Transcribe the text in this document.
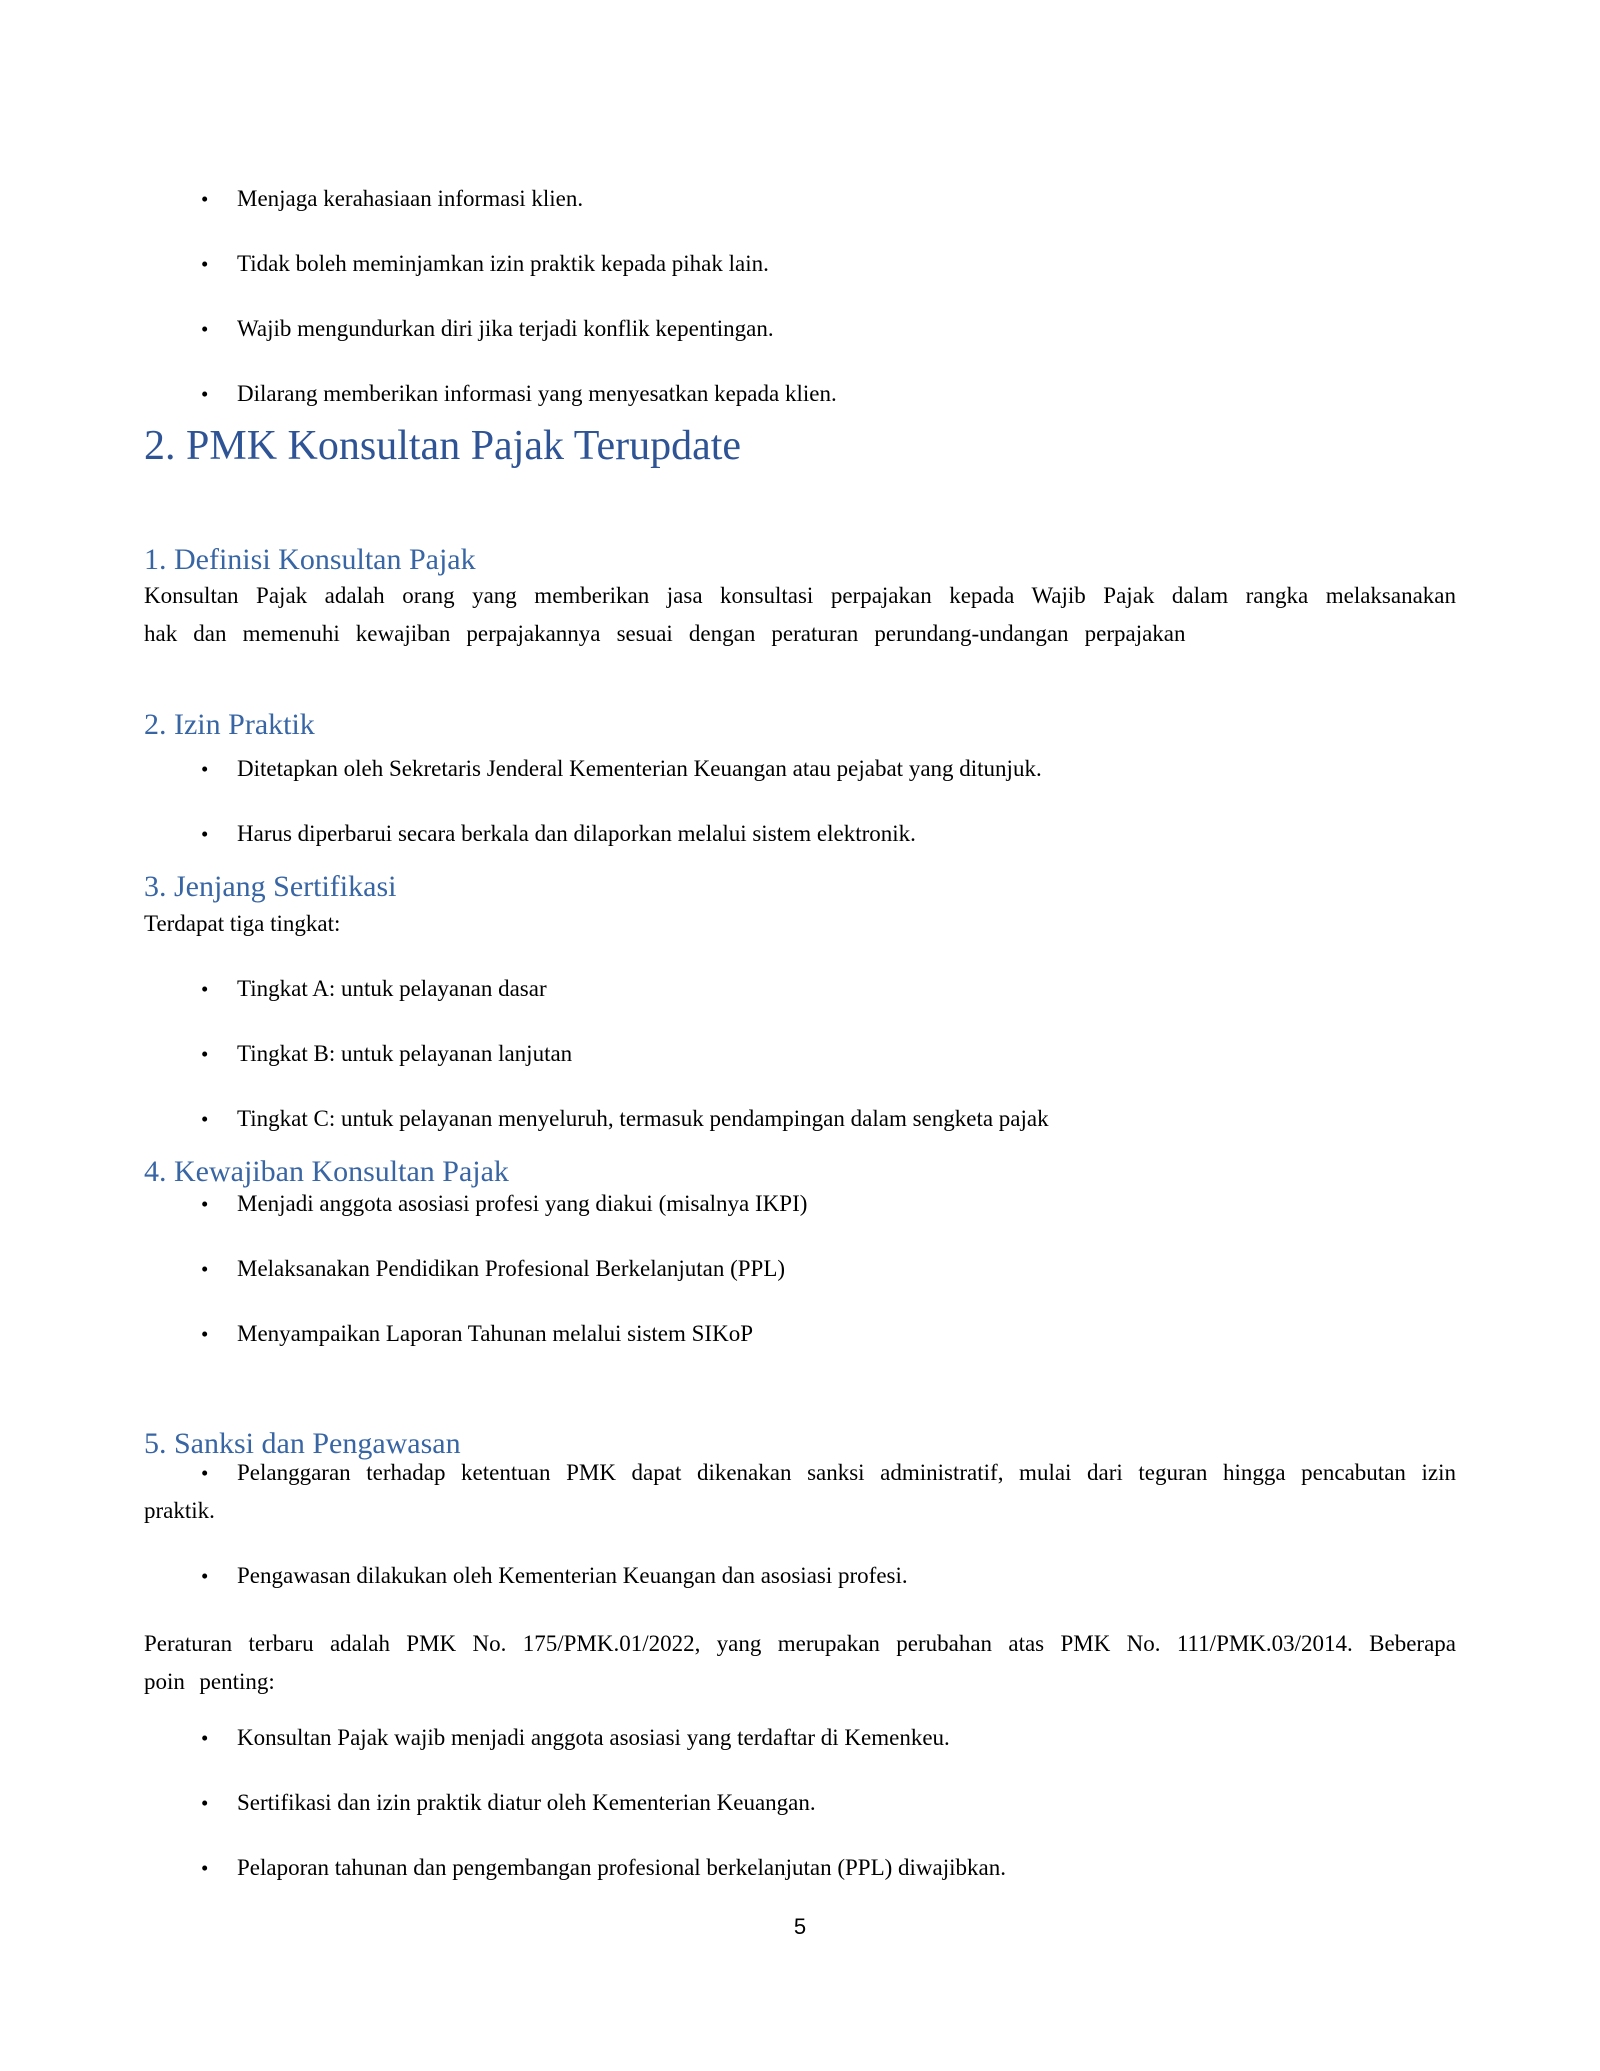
•
Menjaga kerahasiaan informasi klien.
•
Tidak boleh meminjamkan izin praktik kepada pihak lain.
•
Wajib mengundurkan diri jika terjadi konflik kepentingan.
•
Dilarang memberikan informasi yang menyesatkan kepada klien.
2. PMK Konsultan Pajak Terupdate
1. Definisi Konsultan Pajak

Konsultan Pajak adalah orang yang memberikan jasa konsultasi perpajakan kepada Wajib Pajak dalam rangka melaksanakan hak dan memenuhi kewajiban perpajakannya sesuai dengan peraturan perundang-undangan perpajakan

2. Izin Praktik
•
Ditetapkan oleh Sekretaris Jenderal Kementerian Keuangan atau pejabat yang ditunjuk.
•
Harus diperbarui secara berkala dan dilaporkan melalui sistem elektronik.
3. Jenjang Sertifikasi
Terdapat tiga tingkat:
•
Tingkat A: untuk pelayanan dasar
•
Tingkat B: untuk pelayanan lanjutan
•
Tingkat C: untuk pelayanan menyeluruh, termasuk pendampingan dalam sengketa pajak
4. Kewajiban Konsultan Pajak
•
Menjadi anggota asosiasi profesi yang diakui (misalnya IKPI)
•
Melaksanakan Pendidikan Profesional Berkelanjutan (PPL)
•
Menyampaikan Laporan Tahunan melalui sistem SIKoP
5. Sanksi dan Pengawasan

•Pelanggaran terhadap ketentuan PMK dapat dikenakan sanksi administratif, mulai dari teguran hingga pencabutan izin praktik.

•
Pengawasan dilakukan oleh Kementerian Keuangan dan asosiasi profesi.

Peraturan terbaru adalah PMK No. 175/PMK.01/2022, yang merupakan perubahan atas PMK No. 111/PMK.03/2014. Beberapa poin penting:

•
Konsultan Pajak wajib menjadi anggota asosiasi yang terdaftar di Kemenkeu.
•
Sertifikasi dan izin praktik diatur oleh Kementerian Keuangan.
•
Pelaporan tahunan dan pengembangan profesional berkelanjutan (PPL) diwajibkan.
5
